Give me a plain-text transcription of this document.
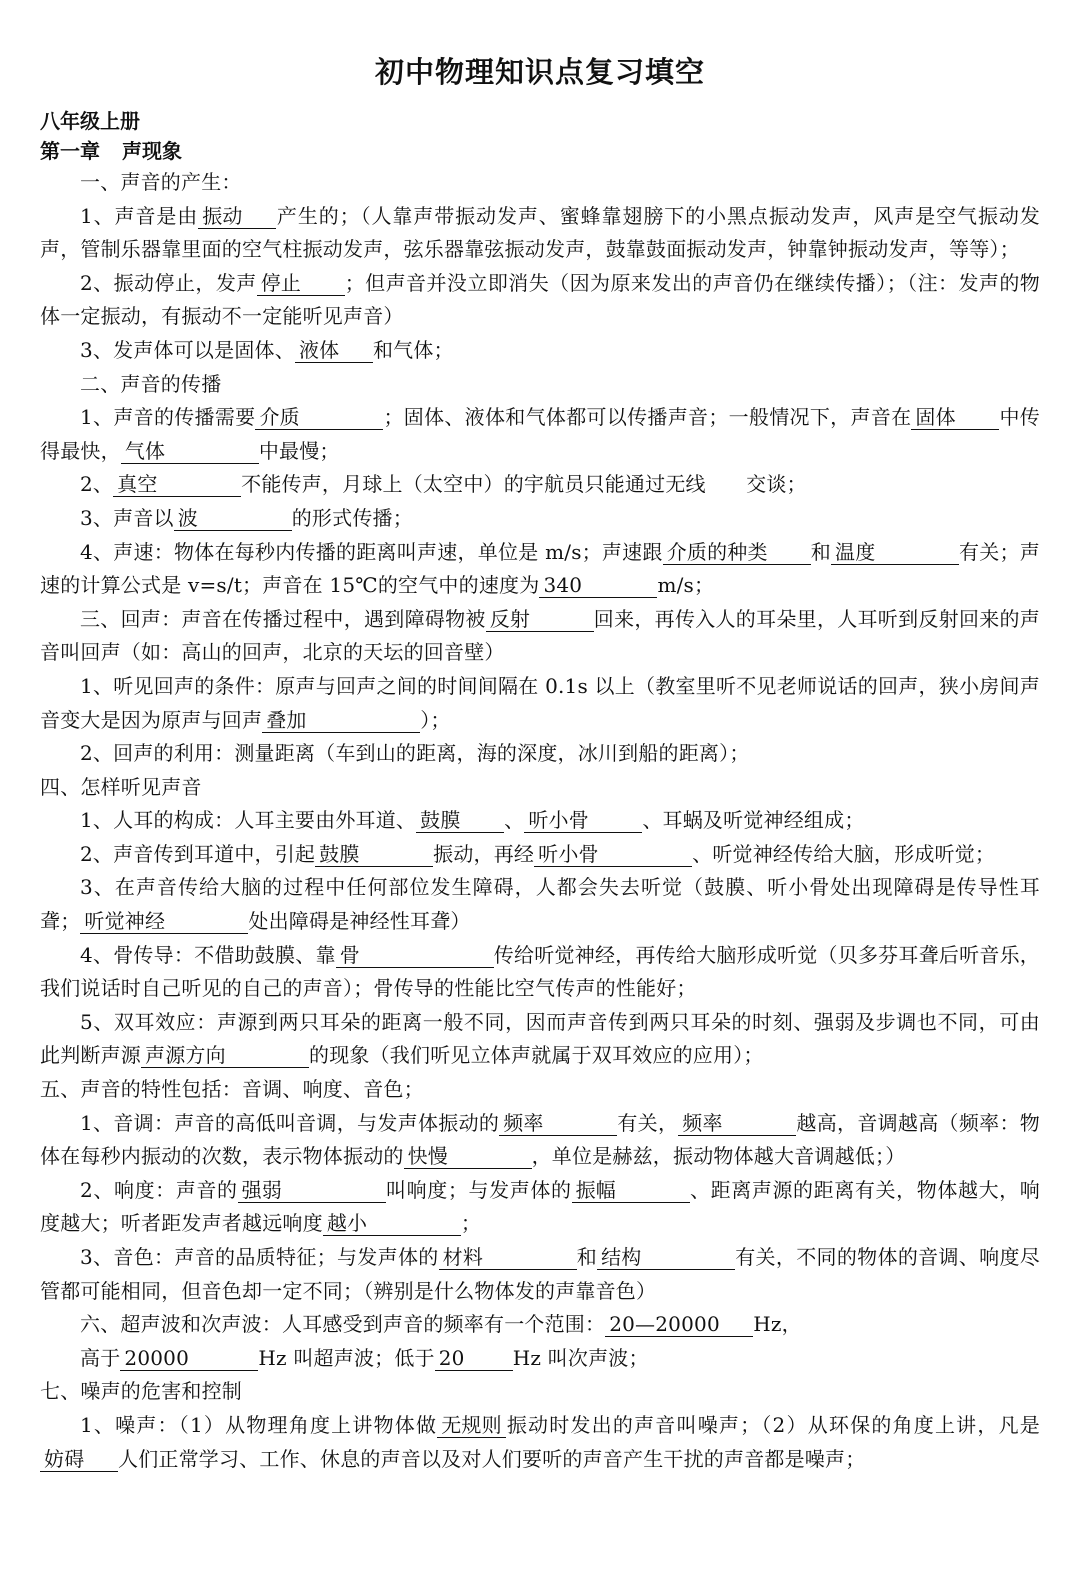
初中物理知识点复习填空
八年级上册
第一章 声现象

一、声音的产生：

1、声音是由 振动 产生的；（人靠声带振动发声、蜜蜂靠翅膀下的小黑点振动发声，风声是空气振动发声，管制乐器靠里面的空气柱振动发声，弦乐器靠弦振动发声，鼓靠鼓面振动发声，钟靠钟振动发声，等等）；

2、振动停止，发声 停止 ；但声音并没立即消失（因为原来发出的声音仍在继续传播）；（注：发声的物体一定振动，有振动不一定能听见声音）

3、发声体可以是固体、 液体 和气体；

二、声音的传播

1、声音的传播需要 介质	；固体、液体和气体都可以传播声音；一般情况下，声音在 固体 中传得最快， 气体	中最慢；

2、 真空	不能传声，月球上（太空中）的宇航员只能通过无线　　交谈；

3、声音以 波	的形式传播；

4、声速：物体在每秒内传播的距离叫声速，单位是 m/s；声速跟 介质的种类 和 温度	有关；声速的计算公式是 v=s/t；声音在 15℃的空气中的速度为 340	m/s；

三、回声：声音在传播过程中，遇到障碍物被 反射	回来，再传入人的耳朵里，人耳听到反射回来的声音叫回声（如：高山的回声，北京的天坛的回音壁）

1、听见回声的条件：原声与回声之间的时间间隔在 0.1s 以上（教室里听不见老师说话的回声，狭小房间声音变大是因为原声与回声 叠加	）；

2、回声的利用：测量距离（车到山的距离，海的深度，冰川到船的距离）；

四、怎样听见声音

1、人耳的构成：人耳主要由外耳道、 鼓膜 、 听小骨	、耳蜗及听觉神经组成；

2、声音传到耳道中，引起 鼓膜	振动，再经 听小骨	、听觉神经传给大脑，形成听觉；

3、在声音传给大脑的过程中任何部位发生障碍，人都会失去听觉（鼓膜、听小骨处出现障碍是传导性耳聋； 听觉神经	处出障碍是神经性耳聋）

4、骨传导：不借助鼓膜、靠 骨	传给听觉神经，再传给大脑形成听觉（贝多芬耳聋后听音乐，我们说话时自己听见的自己的声音）；骨传导的性能比空气传声的性能好；

5、双耳效应：声源到两只耳朵的距离一般不同，因而声音传到两只耳朵的时刻、强弱及步调也不同，可由此判断声源 声源方向	的现象（我们听见立体声就属于双耳效应的应用）；

五、声音的特性包括：音调、响度、音色；

1、音调：声音的高低叫音调，与发声体振动的 频率	有关， 频率	越高，音调越高（频率：物体在每秒内振动的次数，表示物体振动的 快慢	，单位是赫兹，振动物体越大音调越低；）

2、响度：声音的 强弱	叫响度；与发声体的 振幅	、距离声源的距离有关，物体越大，响度越大；听者距发声者越远响度 越小	；

3、音色：声音的品质特征；与发声体的 材料	和 结构	有关，不同的物体的音调、响度尽管都可能相同，但音色却一定不同；（辨别是什么物体发的声靠音色）

六、超声波和次声波：人耳感受到声音的频率有一个范围： 20—20000 Hz，

高于 20000	Hz 叫超声波；低于 20 Hz 叫次声波；

七、噪声的危害和控制

1、噪声：（1）从物理角度上讲物体做 无规则 振动时发出的声音叫噪声；（2）从环保的角度上讲，凡是妨碍 人们正常学习、工作、休息的声音以及对人们要听的声音产生干扰的声音都是噪声；
